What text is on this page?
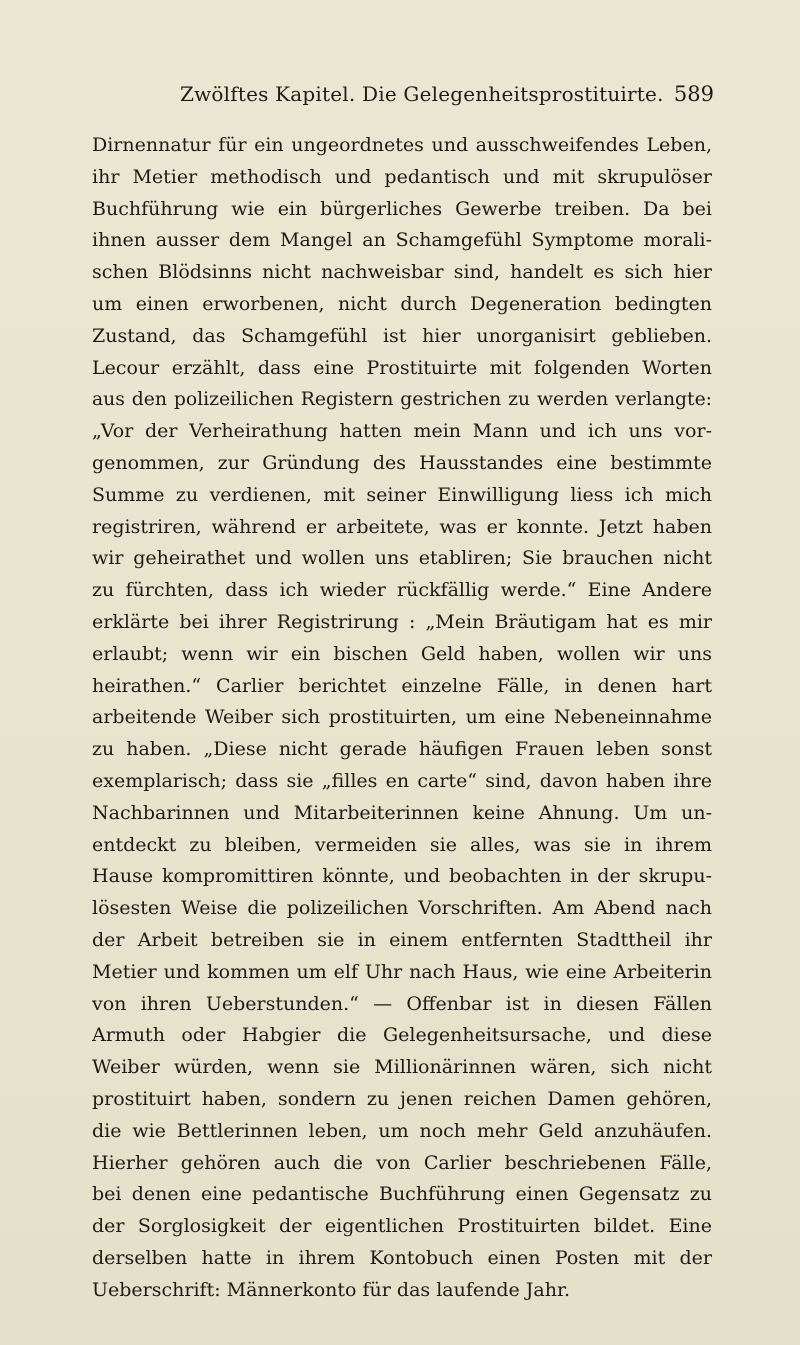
Zwölftes Kapitel. Die Gelegenheitsprostituirte. 589
Dirnennatur für ein ungeordnetes und ausschweifendes Leben,
ihr Metier methodisch und pedantisch und mit skrupulöser
Buchführung wie ein bürgerliches Gewerbe treiben. Da bei
ihnen ausser dem Mangel an Schamgefühl Symptome morali-
schen Blödsinns nicht nachweisbar sind, handelt es sich hier
um einen erworbenen, nicht durch Degeneration bedingten
Zustand, das Schamgefühl ist hier unorganisirt geblieben.
Lecour erzählt, dass eine Prostituirte mit folgenden Worten
aus den polizeilichen Registern gestrichen zu werden verlangte:
„Vor der Verheirathung hatten mein Mann und ich uns vor-
genommen, zur Gründung des Hausstandes eine bestimmte
Summe zu verdienen, mit seiner Einwilligung liess ich mich
registriren, während er arbeitete, was er konnte. Jetzt haben
wir geheirathet und wollen uns etabliren; Sie brauchen nicht
zu fürchten, dass ich wieder rückfällig werde.“ Eine Andere
erklärte bei ihrer Registrirung : „Mein Bräutigam hat es mir
erlaubt; wenn wir ein bischen Geld haben, wollen wir uns
heirathen.“ Carlier berichtet einzelne Fälle, in denen hart
arbeitende Weiber sich prostituirten, um eine Nebeneinnahme
zu haben. „Diese nicht gerade häufigen Frauen leben sonst
exemplarisch; dass sie „filles en carte“ sind, davon haben ihre
Nachbarinnen und Mitarbeiterinnen keine Ahnung. Um un-
entdeckt zu bleiben, vermeiden sie alles, was sie in ihrem
Hause kompromittiren könnte, und beobachten in der skrupu-
lösesten Weise die polizeilichen Vorschriften. Am Abend nach
der Arbeit betreiben sie in einem entfernten Stadttheil ihr
Metier und kommen um elf Uhr nach Haus, wie eine Arbeiterin
von ihren Ueberstunden.“ — Offenbar ist in diesen Fällen
Armuth oder Habgier die Gelegenheitsursache, und diese
Weiber würden, wenn sie Millionärinnen wären, sich nicht
prostituirt haben, sondern zu jenen reichen Damen gehören,
die wie Bettlerinnen leben, um noch mehr Geld anzuhäufen.
Hierher gehören auch die von Carlier beschriebenen Fälle,
bei denen eine pedantische Buchführung einen Gegensatz zu
der Sorglosigkeit der eigentlichen Prostituirten bildet. Eine
derselben hatte in ihrem Kontobuch einen Posten mit der
Ueberschrift: Männerkonto für das laufende Jahr.
